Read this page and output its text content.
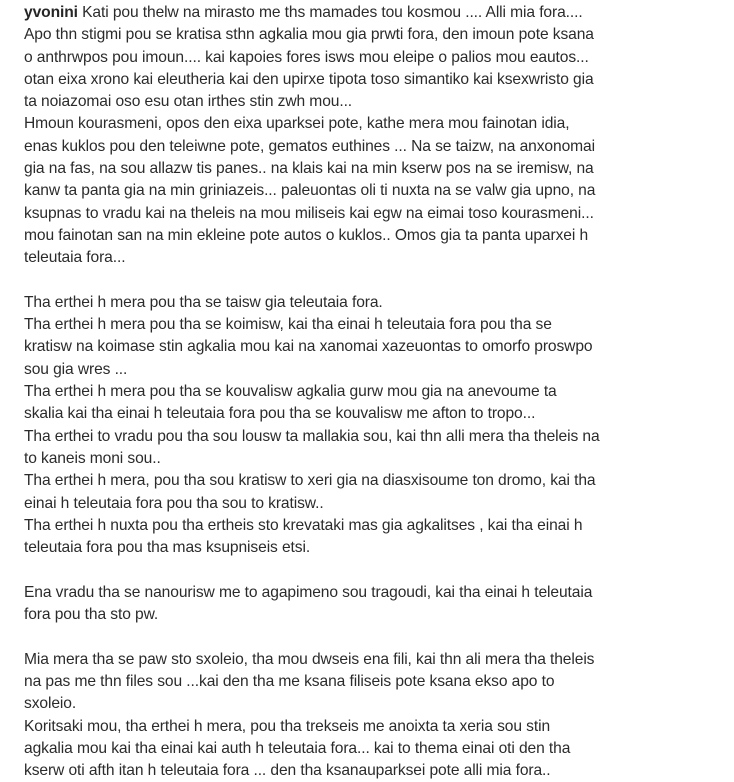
yvonini Kati pou thelw na mirasto me ths mamades tou kosmou .... Alli mia fora....
Apo thn stigmi pou se kratisa sthn agkalia mou gia prwti fora, den imoun pote ksana
o anthrwpos pou imoun.... kai kapoies fores isws mou eleipe o palios mou eautos...
otan eixa xrono kai eleutheria kai den upirxe tipota toso simantiko kai ksexwristo gia
ta noiazomai oso esu otan irthes stin zwh mou...
Hmoun kourasmeni, opos den eixa uparksei pote, kathe mera mou fainotan idia,
enas kuklos pou den teleiwne pote, gematos euthines ... Na se taizw, na anxonomai
gia na fas, na sou allazw tis panes.. na klais kai na min kserw pos na se iremisw, na
kanw ta panta gia na min griniazeis... paleuontas oli ti nuxta na se valw gia upno, na
ksupnas to vradu kai na theleis na mou miliseis kai egw na eimai toso kourasmeni...
mou fainotan san na min ekleine pote autos o kuklos.. Omos gia ta panta uparxei h
teleutaia fora...
Tha erthei h mera pou tha se taisw gia teleutaia fora.
Tha erthei h mera pou tha se koimisw, kai tha einai h teleutaia fora pou tha se
kratisw na koimase stin agkalia mou kai na xanomai xazeuontas to omorfo proswpo
sou gia wres ...
Tha erthei h mera pou tha se kouvalisw agkalia gurw mou gia na anevoume ta
skalia kai tha einai h teleutaia fora pou tha se kouvalisw me afton to tropo...
Tha erthei to vradu pou tha sou lousw ta mallakia sou, kai thn alli mera tha theleis na
to kaneis moni sou..
Tha erthei h mera, pou tha sou kratisw to xeri gia na diasxisoume ton dromo, kai tha
einai h teleutaia fora pou tha sou to kratisw..
Tha erthei h nuxta pou tha ertheis sto krevataki mas gia agkalitses , kai tha einai h
teleutaia fora pou tha mas ksupniseis etsi.
Ena vradu tha se nanourisw me to agapimeno sou tragoudi, kai tha einai h teleutaia
fora pou tha sto pw.
Mia mera tha se paw sto sxoleio, tha mou dwseis ena fili, kai thn ali mera tha theleis
na pas me thn files sou ...kai den tha me ksana filiseis pote ksana ekso apo to
sxoleio.
Koritsaki mou, tha erthei h mera, pou tha trekseis me anoixta ta xeria sou stin
agkalia mou kai tha einai kai auth h teleutaia fora... kai to thema einai oti den tha
kserw oti afth itan h teleutaia fora ... den tha ksanauparksei pote alli mia fora..
